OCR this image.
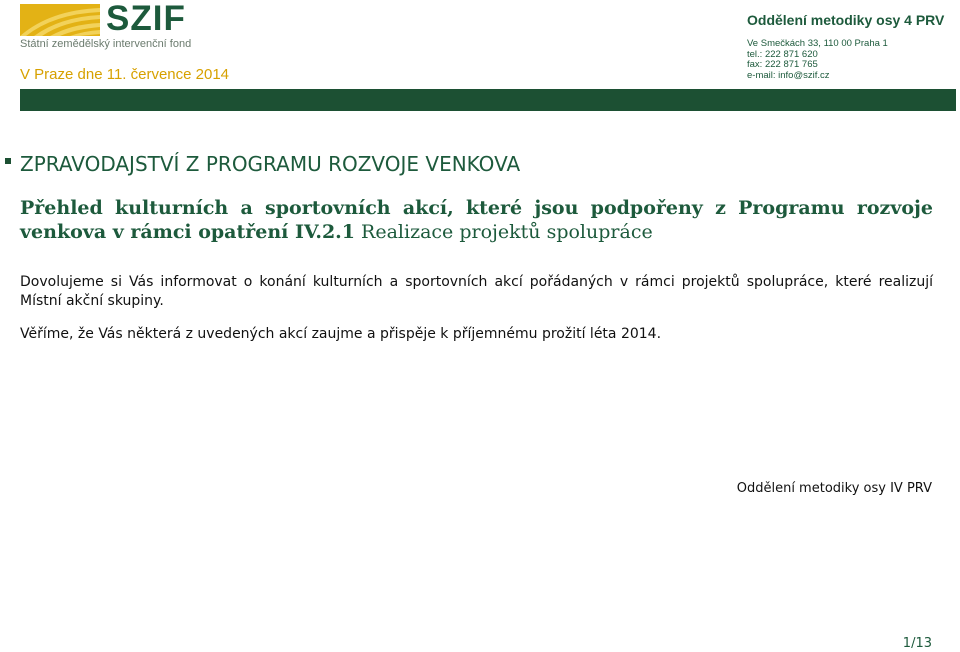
SZIF
Státní zemědělský intervenční fond
V Praze dne 11. července 2014
Oddělení metodiky osy 4 PRV
Ve Smečkách 33, 110 00 Praha 1
tel.: 222 871 620
fax: 222 871 765
e-mail: info@szif.cz
ZPRAVODAJSTVÍ Z PROGRAMU ROZVOJE VENKOVA
Přehled kulturních a sportovních akcí, které jsou podpořeny z Programu rozvoje venkova v rámci opatření IV.2.1 Realizace projektů spolupráce
Dovolujeme si Vás informovat o konání kulturních a sportovních akcí pořádaných v rámci projektů spolupráce, které realizují Místní akční skupiny.
Věříme, že Vás některá z uvedených akcí zaujme a přispěje k příjemnému prožití léta 2014.
Oddělení metodiky osy IV PRV
1/13
